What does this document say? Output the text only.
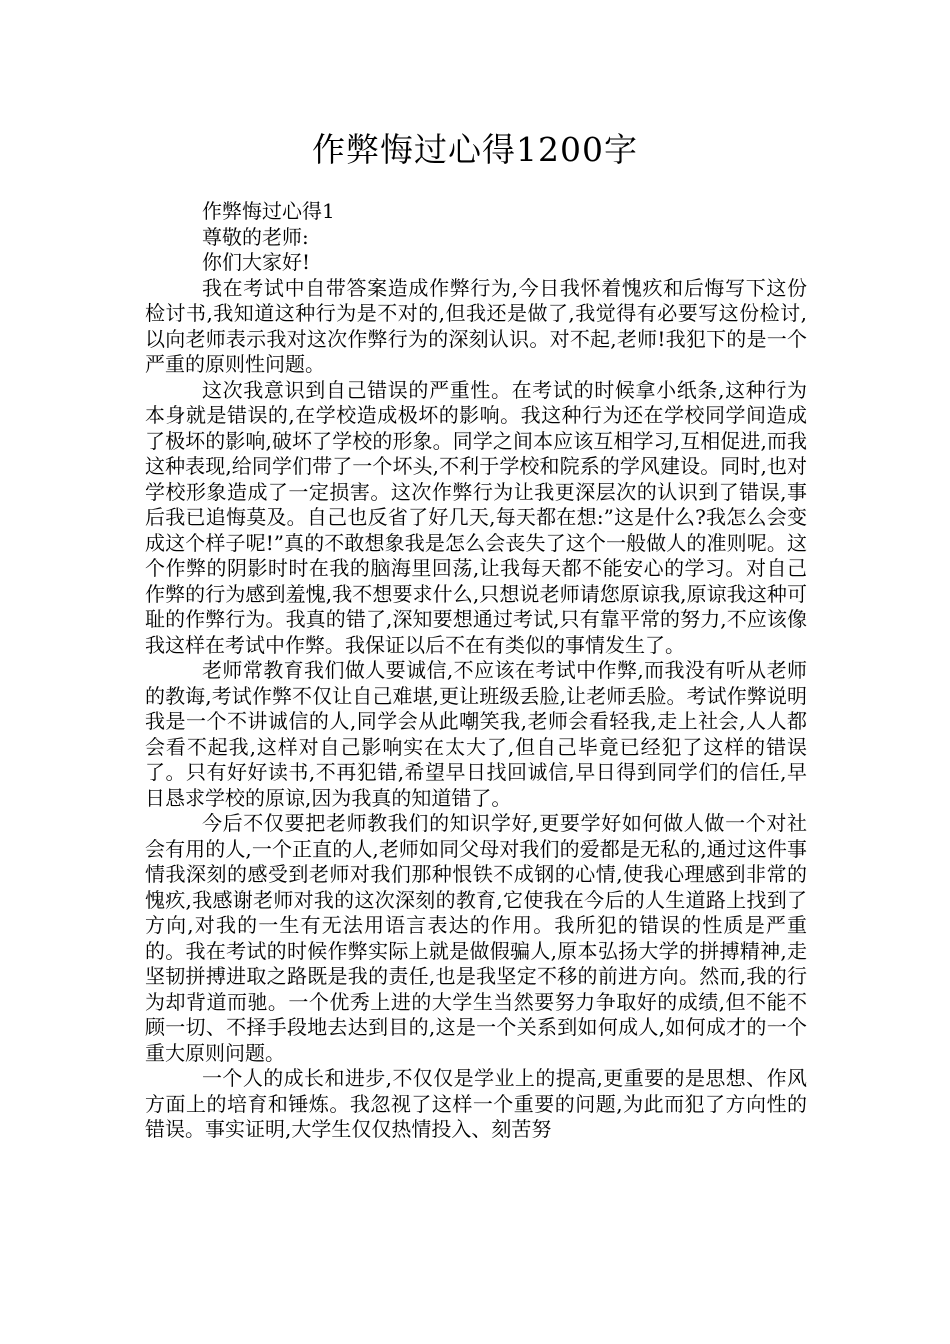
作弊悔过心得1200字

作弊悔过心得1

尊敬的老师:

你们大家好!

我在考试中自带答案造成作弊行为,今日我怀着愧疚和后悔写下这份检讨书,我知道这种行为是不对的,但我还是做了,我觉得有必要写这份检讨,以向老师表示我对这次作弊行为的深刻认识。对不起,老师!我犯下的是一个严重的原则性问题。

这次我意识到自己错误的严重性。在考试的时候拿小纸条,这种行为本身就是错误的,在学校造成极坏的影响。我这种行为还在学校同学间造成了极坏的影响,破坏了学校的形象。同学之间本应该互相学习,互相促进,而我这种表现,给同学们带了一个坏头,不利于学校和院系的学风建设。同时,也对学校形象造成了一定损害。这次作弊行为让我更深层次的认识到了错误,事后我已追悔莫及。自己也反省了好几天,每天都在想:”这是什么?我怎么会变成这个样子呢!”真的不敢想象我是怎么会丧失了这个一般做人的准则呢。这个作弊的阴影时时在我的脑海里回荡,让我每天都不能安心的学习。对自己作弊的行为感到羞愧,我不想要求什么,只想说老师请您原谅我,原谅我这种可耻的作弊行为。我真的错了,深知要想通过考试,只有靠平常的努力,不应该像我这样在考试中作弊。我保证以后不在有类似的事情发生了。

老师常教育我们做人要诚信,不应该在考试中作弊,而我没有听从老师的教诲,考试作弊不仅让自己难堪,更让班级丢脸,让老师丢脸。考试作弊说明我是一个不讲诚信的人,同学会从此嘲笑我,老师会看轻我,走上社会,人人都会看不起我,这样对自己影响实在太大了,但自己毕竟已经犯了这样的错误了。只有好好读书,不再犯错,希望早日找回诚信,早日得到同学们的信任,早日恳求学校的原谅,因为我真的知道错了。

今后不仅要把老师教我们的知识学好,更要学好如何做人做一个对社会有用的人,一个正直的人,老师如同父母对我们的爱都是无私的,通过这件事情我深刻的感受到老师对我们那种恨铁不成钢的心情,使我心理感到非常的愧疚,我感谢老师对我的这次深刻的教育,它使我在今后的人生道路上找到了方向,对我的一生有无法用语言表达的作用。我所犯的错误的性质是严重的。我在考试的时候作弊实际上就是做假骗人,原本弘扬大学的拼搏精神,走坚韧拼搏进取之路既是我的责任,也是我坚定不移的前进方向。然而,我的行为却背道而驰。一个优秀上进的大学生当然要努力争取好的成绩,但不能不顾一切、不择手段地去达到目的,这是一个关系到如何成人,如何成才的一个重大原则问题。

一个人的成长和进步,不仅仅是学业上的提高,更重要的是思想、作风方面上的培育和锤炼。我忽视了这样一个重要的问题,为此而犯了方向性的错误。事实证明,大学生仅仅热情投入、刻苦努
